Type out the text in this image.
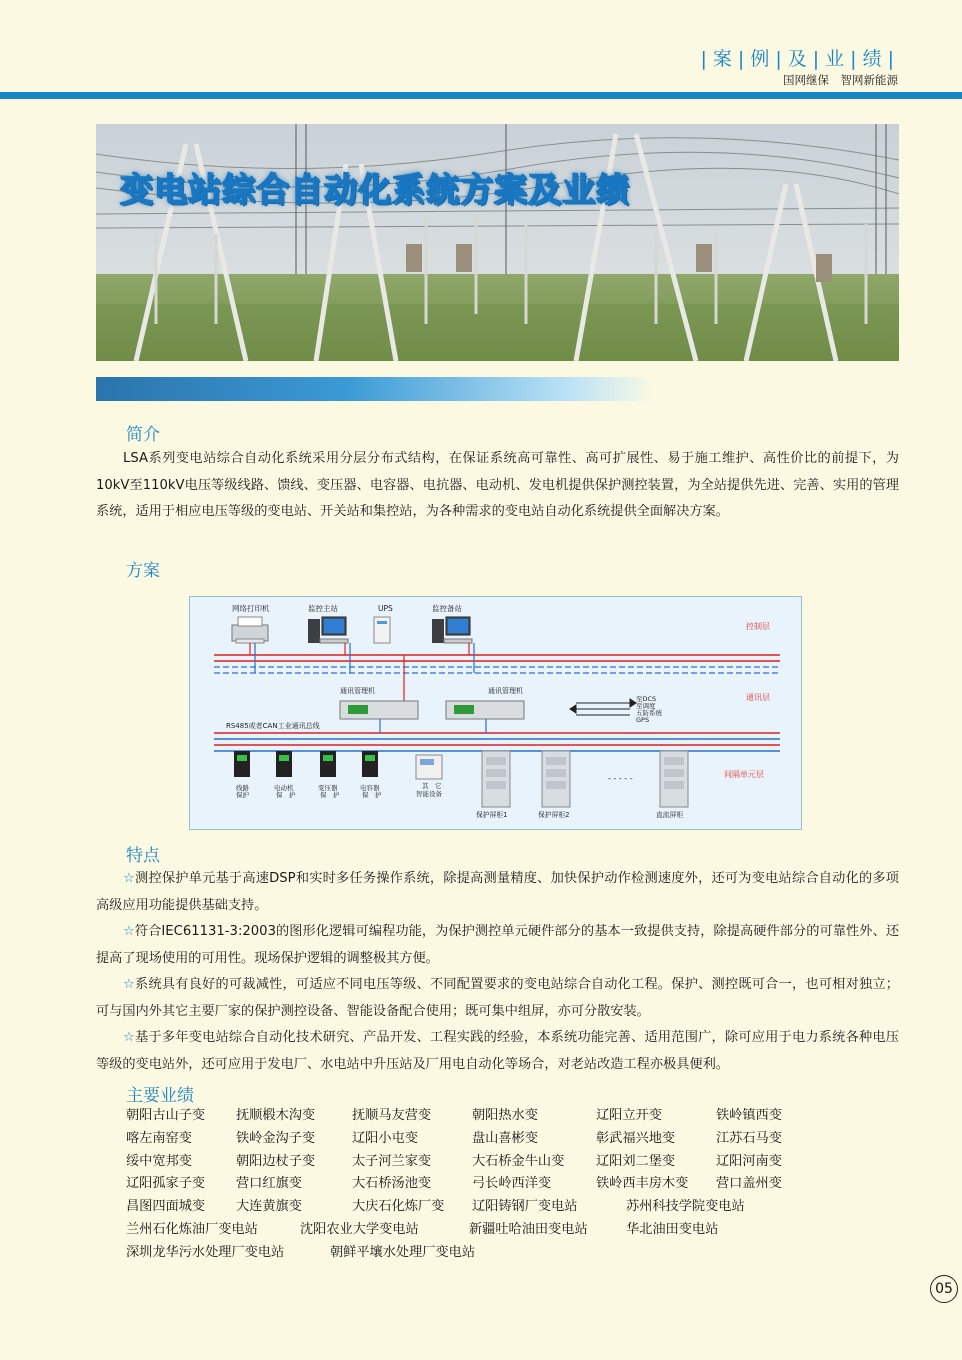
| 案 | 例 | 及 | 业 | 绩 |
国网继保　智网新能源
变电站综合自动化系统方案及业绩
简介

LSA系列变电站综合自动化系统采用分层分布式结构，在保证系统高可靠性、高可扩展性、易于施工维护、高性价比的前提下，为10kV至110kV电压等级线路、馈线、变压器、电容器、电抗器、电动机、发电机提供保护测控装置，为全站提供先进、完善、实用的管理系统，适用于相应电压等级的变电站、开关站和集控站，为各种需求的变电站自动化系统提供全面解决方案。

方案
网络打印机	监控主站	UPS	监控备站
控制层
通讯层
间隔单元层
通讯管理机	通讯管理机
至DCS
至调度
五防系统
GPS
RS485或者CAN工业通讯总线
线路
保护
电动机
保　护
变压器
保　护
电容器
保　护
其　它
智能设备
- - - - -
保护屏柜1	保护屏柜2	直流屏柜
特点

☆测控保护单元基于高速DSP和实时多任务操作系统，除提高测量精度、加快保护动作检测速度外，还可为变电站综合自动化的多项高级应用功能提供基础支持。

☆符合IEC61131-3:2003的图形化逻辑可编程功能，为保护测控单元硬件部分的基本一致提供支持，除提高硬件部分的可靠性外、还提高了现场使用的可用性。现场保护逻辑的调整极其方便。

☆系统具有良好的可裁减性，可适应不同电压等级、不同配置要求的变电站综合自动化工程。保护、测控既可合一，也可相对独立；可与国内外其它主要厂家的保护测控设备、智能设备配合使用；既可集中组屏，亦可分散安装。

☆基于多年变电站综合自动化技术研究、产品开发、工程实践的经验，本系统功能完善、适用范围广，除可应用于电力系统各种电压等级的变电站外，还可应用于发电厂、水电站中升压站及厂用电自动化等场合，对老站改造工程亦极具便利。

主要业绩
朝阳古山子变 抚顺椴木沟变	抚顺马友营变	朝阳热水变	辽阳立开变	铁岭镇西变
喀左南窑变	铁岭金沟子变	辽阳小屯变	盘山喜彬变	彰武福兴地变	江苏石马变
绥中宽邦变	朝阳边杖子变	太子河兰家变	大石桥金牛山变 辽阳刘二堡变	辽阳河南变
辽阳孤家子变 营口红旗变	大石桥汤池变	弓长岭西洋变	铁岭西丰房木变 营口盖州变
昌图四面城变 大连黄旗变	大庆石化炼厂变 辽阳铸钢厂变电站	苏州科技学院变电站
兰州石化炼油厂变电站	沈阳农业大学变电站	新疆吐哈油田变电站	华北油田变电站
深圳龙华污水处理厂变电站	朝鲜平壤水处理厂变电站
05
